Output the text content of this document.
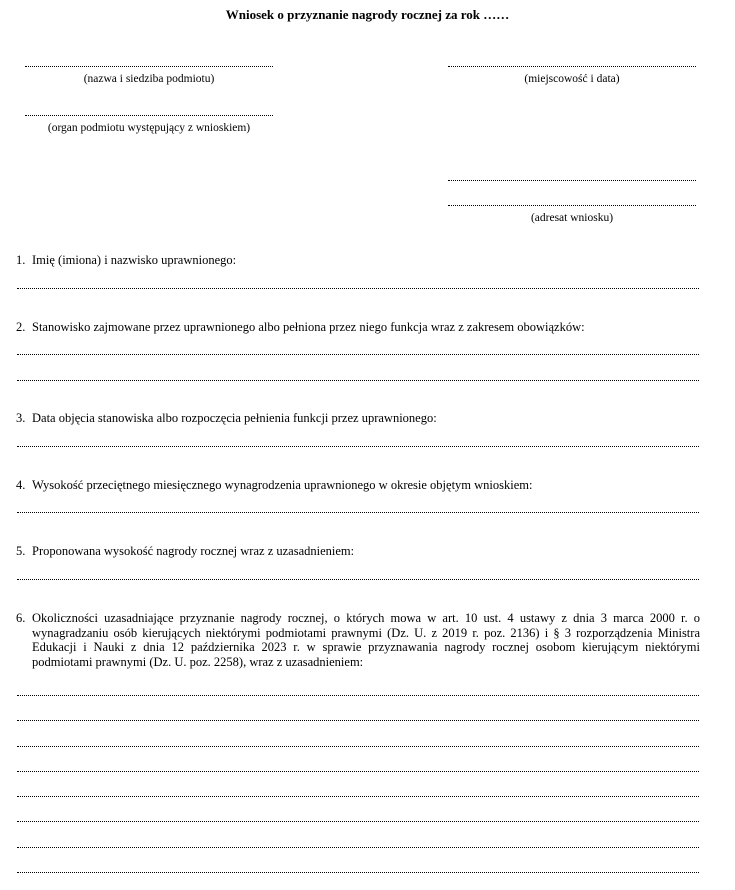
Wniosek o przyznanie nagrody rocznej za rok ……
(nazwa i siedziba podmiotu)
(organ podmiotu występujący z wnioskiem)
(miejscowość i data)
(adresat wniosku)
1. Imię (imiona) i nazwisko uprawnionego:
2. Stanowisko zajmowane przez uprawnionego albo pełniona przez niego funkcja wraz z zakresem obowiązków:
3. Data objęcia stanowiska albo rozpoczęcia pełnienia funkcji przez uprawnionego:
4. Wysokość przeciętnego miesięcznego wynagrodzenia uprawnionego w okresie objętym wnioskiem:
5. Proponowana wysokość nagrody rocznej wraz z uzasadnieniem:
6. Okoliczności uzasadniające przyznanie nagrody rocznej, o których mowa w art. 10 ust. 4 ustawy z dnia 3 marca 2000 r. o wynagradzaniu osób kierujących niektórymi podmiotami prawnymi (Dz. U. z 2019 r. poz. 2136) i § 3 rozporządzenia Ministra Edukacji i Nauki z dnia 12 października 2023 r. w sprawie przyznawania nagrody rocznej osobom kierującym niektórymi podmiotami prawnymi (Dz. U. poz. 2258), wraz z uzasadnieniem:
